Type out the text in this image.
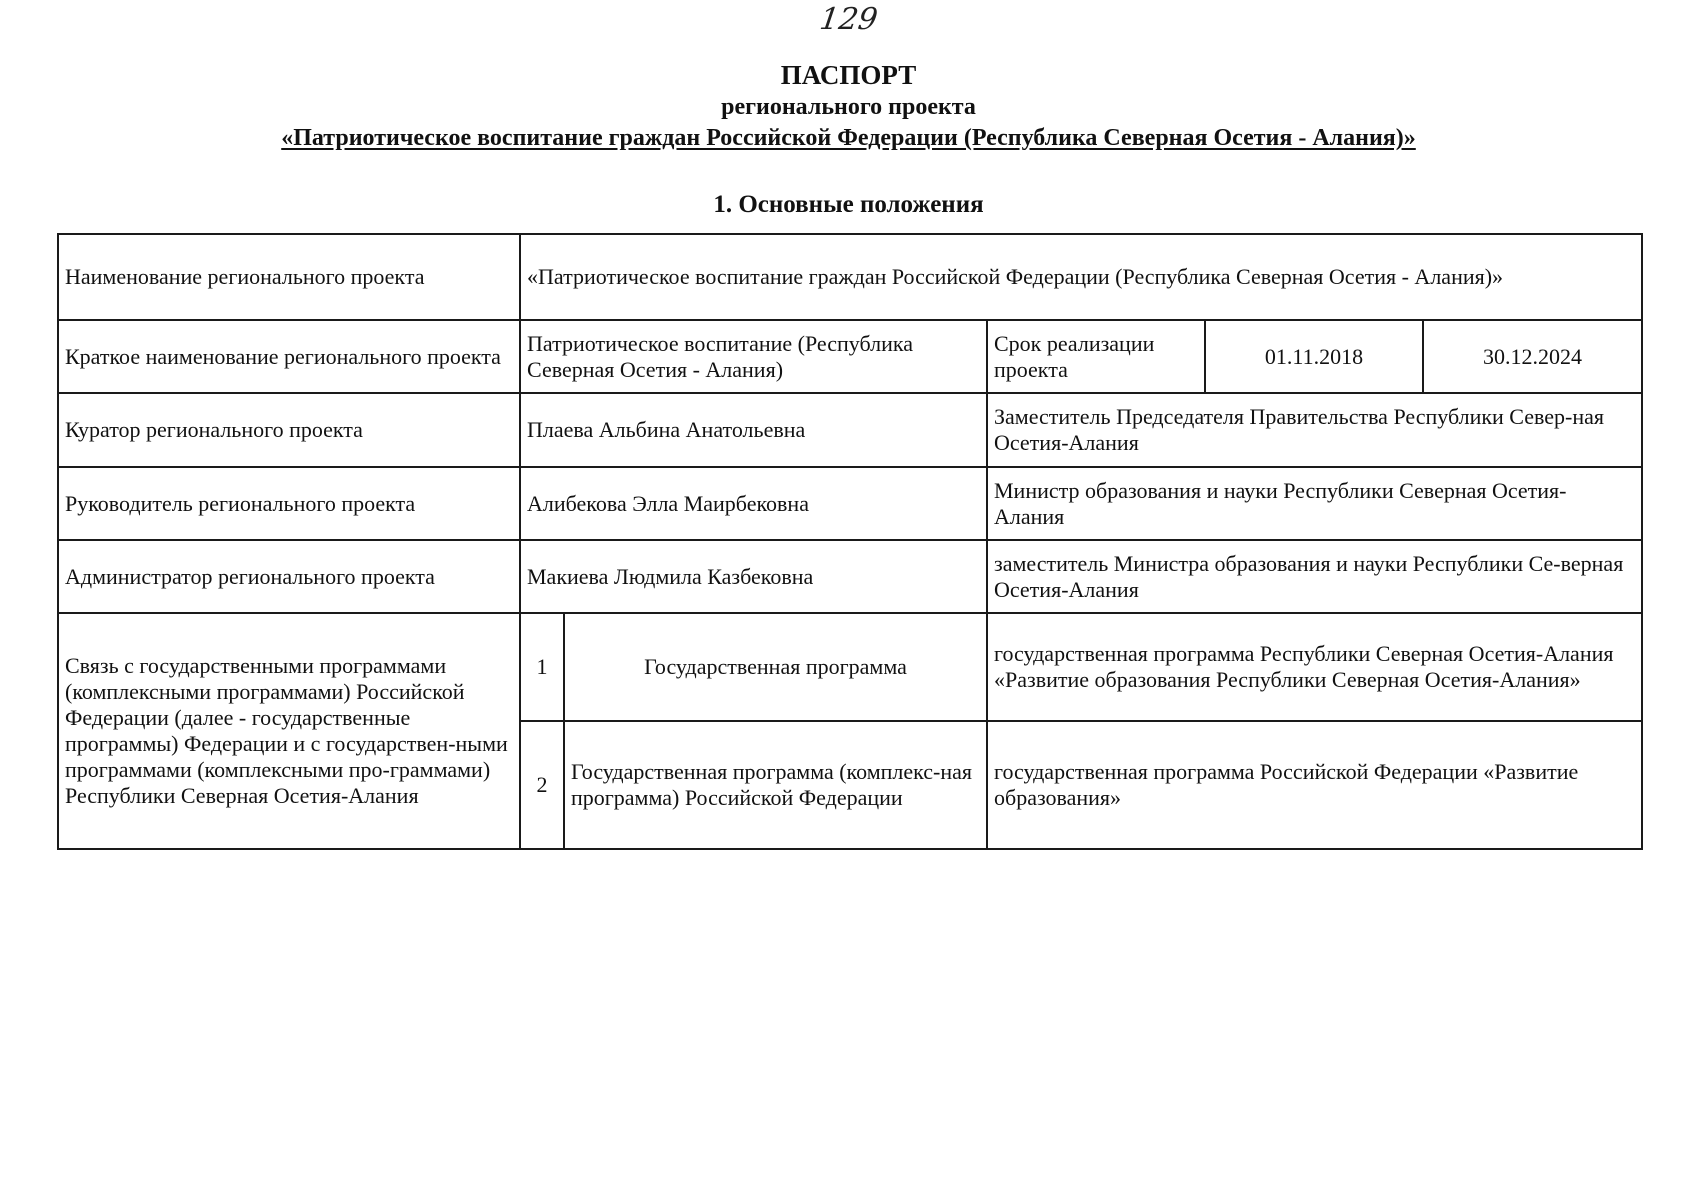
129
ПАСПОРТ
регионального проекта
«Патриотическое воспитание граждан Российской Федерации (Республика Северная Осетия - Алания)»
1. Основные положения
Наименование регионального проекта	«Патриотическое воспитание граждан Российской Федерации (Республика Северная Осетия - Алания)»				
Краткое наименование регионального проекта	Патриотическое воспитание (Республика Северная Осетия - Алания)		Срок реализации проекта	01.11.2018	30.12.2024
Куратор регионального проекта	Плаева Альбина Анатольевна		Заместитель Председателя Правительства Республики Север-ная Осетия-Алания		
Руководитель регионального проекта	Алибекова Элла Маирбековна		Министр образования и науки Республики Северная Осетия-Алания		
Администратор регионального проекта	Макиева Людмила Казбековна		заместитель Министра образования и науки Республики Се-верная Осетия-Алания		
Связь с государственными программами (комплексными программами) Российской Федерации (далее - государственные программы) Федерации и с государствен-ными программами (комплексными про-граммами) Республики Северная Осетия-Алания	1	Государственная программа	государственная программа Республики Северная Осетия-Алания «Развитие образования Республики Северная Осетия-Алания»		
	2	Государственная программа (комплекс-ная программа) Российской Федерации	государственная программа Российской Федерации «Развитие образования»		
